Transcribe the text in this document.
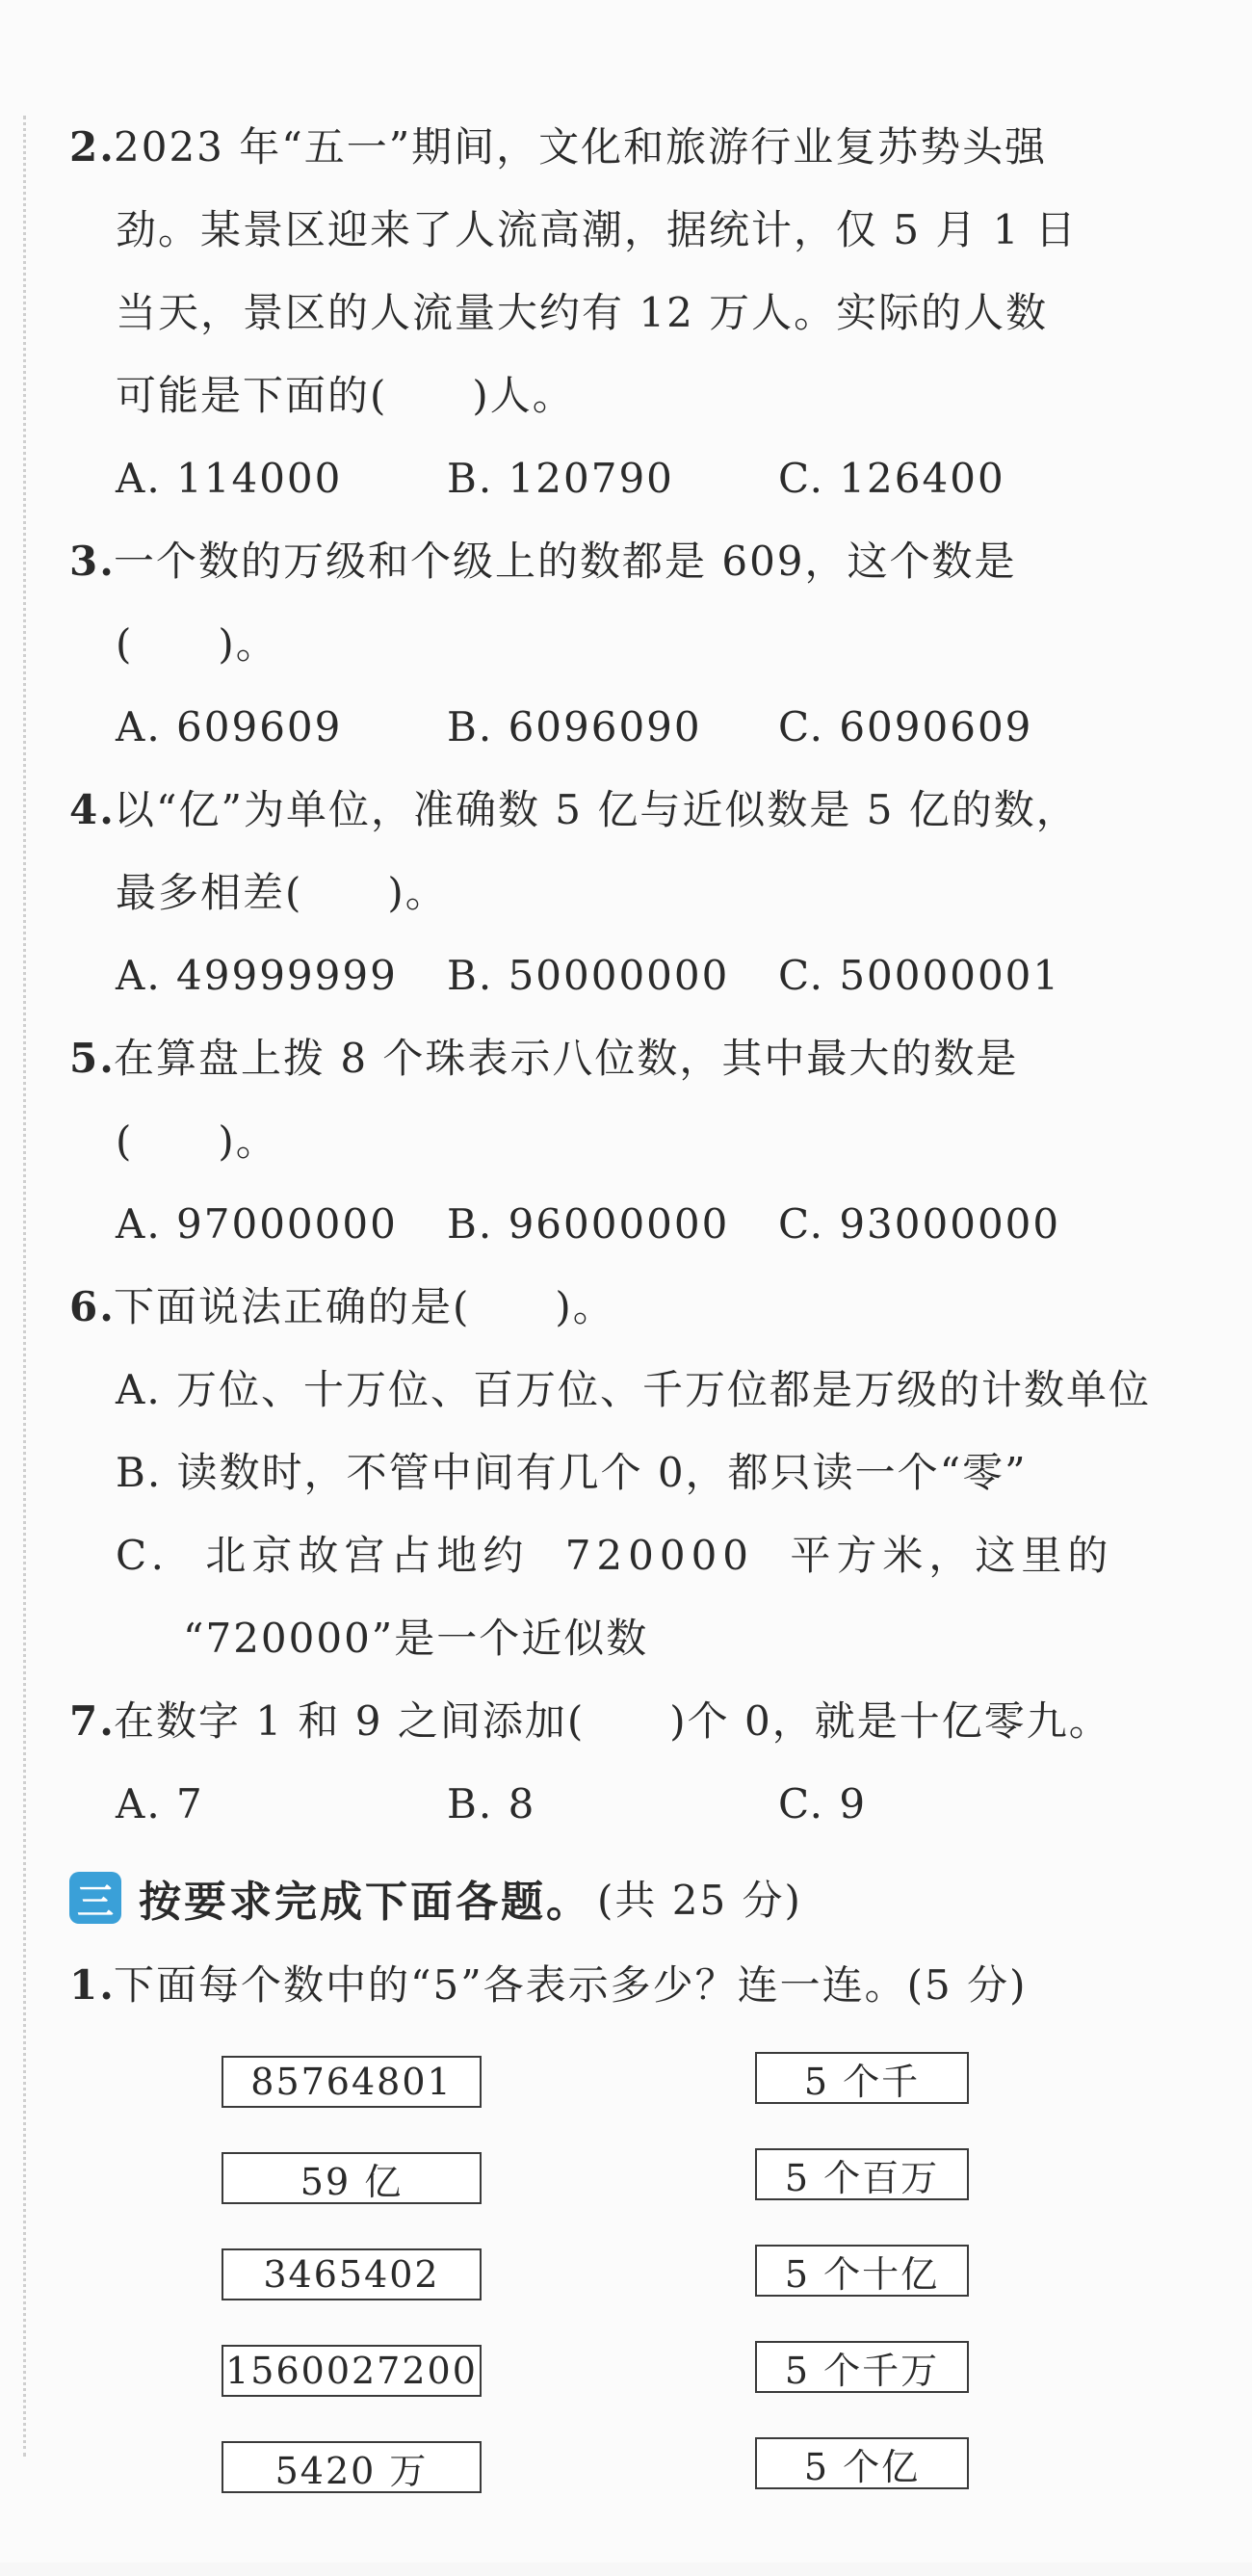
2.2023 年“五一”期间，文化和旅游行业复苏势头强
劲。某景区迎来了人流高潮，据统计，仅 5 月 1 日
当天，景区的人流量大约有 12 万人。实际的人数
可能是下面的(　　)人。
A. 114000	B. 120790	C. 126400
3.一个数的万级和个级上的数都是 609，这个数是
(　　)。
A. 609609	B. 6096090	C. 6090609
4.以“亿”为单位，准确数 5 亿与近似数是 5 亿的数，
最多相差(　　)。
A. 49999999	B. 50000000	C. 50000001
5.在算盘上拨 8 个珠表示八位数，其中最大的数是
(　　)。
A. 97000000	B. 96000000	C. 93000000
6.下面说法正确的是(　　)。
A. 万位、十万位、百万位、千万位都是万级的计数单位
B. 读数时，不管中间有几个 0，都只读一个“零”
C. 北京故宫占地约 720000 平方米，这里的
“720000”是一个近似数
7.在数字 1 和 9 之间添加(　　)个 0，就是十亿零九。
A. 7	B. 8	C. 9
三 按要求完成下面各题。 (共 25 分)
1.下面每个数中的“5”各表示多少？连一连。(5 分)
85764801
59 亿
3465402
1560027200
5420 万
5 个千
5 个百万
5 个十亿
5 个千万
5 个亿
